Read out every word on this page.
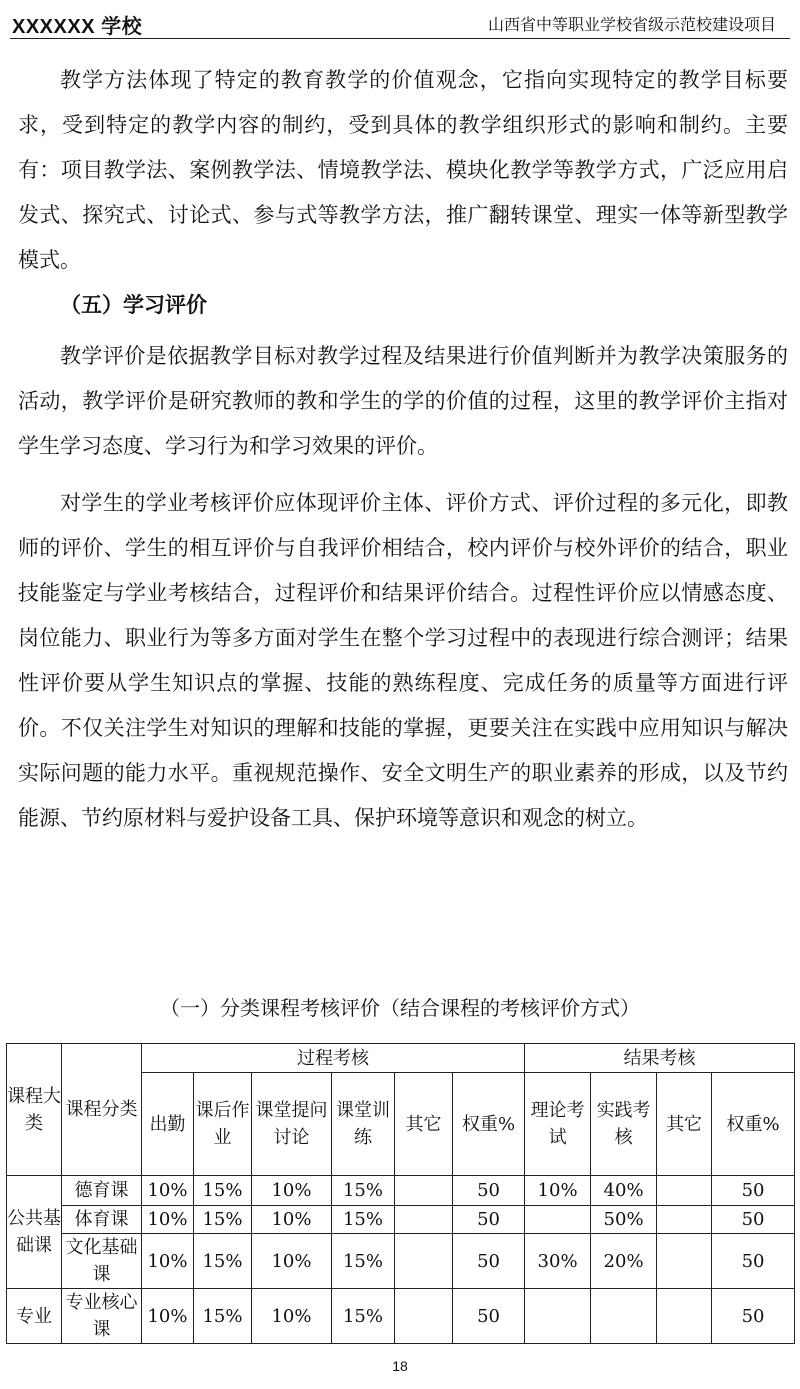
XXXXXX 学校	山西省中等职业学校省级示范校建设项目

教学方法体现了特定的教育教学的价值观念，它指向实现特定的教学目标要求，受到特定的教学内容的制约，受到具体的教学组织形式的影响和制约。主要有：项目教学法、案例教学法、情境教学法、模块化教学等教学方式，广泛应用启发式、探究式、讨论式、参与式等教学方法，推广翻转课堂、理实一体等新型教学模式。

（五）学习评价

教学评价是依据教学目标对教学过程及结果进行价值判断并为教学决策服务的活动，教学评价是研究教师的教和学生的学的价值的过程，这里的教学评价主指对学生学习态度、学习行为和学习效果的评价。

对学生的学业考核评价应体现评价主体、评价方式、评价过程的多元化，即教师的评价、学生的相互评价与自我评价相结合，校内评价与校外评价的结合，职业技能鉴定与学业考核结合，过程评价和结果评价结合。过程性评价应以情感态度、岗位能力、职业行为等多方面对学生在整个学习过程中的表现进行综合测评；结果性评价要从学生知识点的掌握、技能的熟练程度、完成任务的质量等方面进行评价。不仅关注学生对知识的理解和技能的掌握，更要关注在实践中应用知识与解决实际问题的能力水平。重视规范操作、安全文明生产的职业素养的形成，以及节约能源、节约原材料与爱护设备工具、保护环境等意识和观念的树立。

（一）分类课程考核评价（结合课程的考核评价方式）
课程大类	课程分类	过程考核						结果考核			
		出勤	课后作业	课堂提问讨论	课堂训练	其它	权重%	理论考试	实践考核	其它	权重%
公共基础课	德育课	10%	15%	10%	15%		50	10%	40%		50
	体育课	10%	15%	10%	15%		50		50%		50
	文化基础课	10%	15%	10%	15%		50	30%	20%		50
专业	专业核心课	10%	15%	10%	15%		50				50
18
